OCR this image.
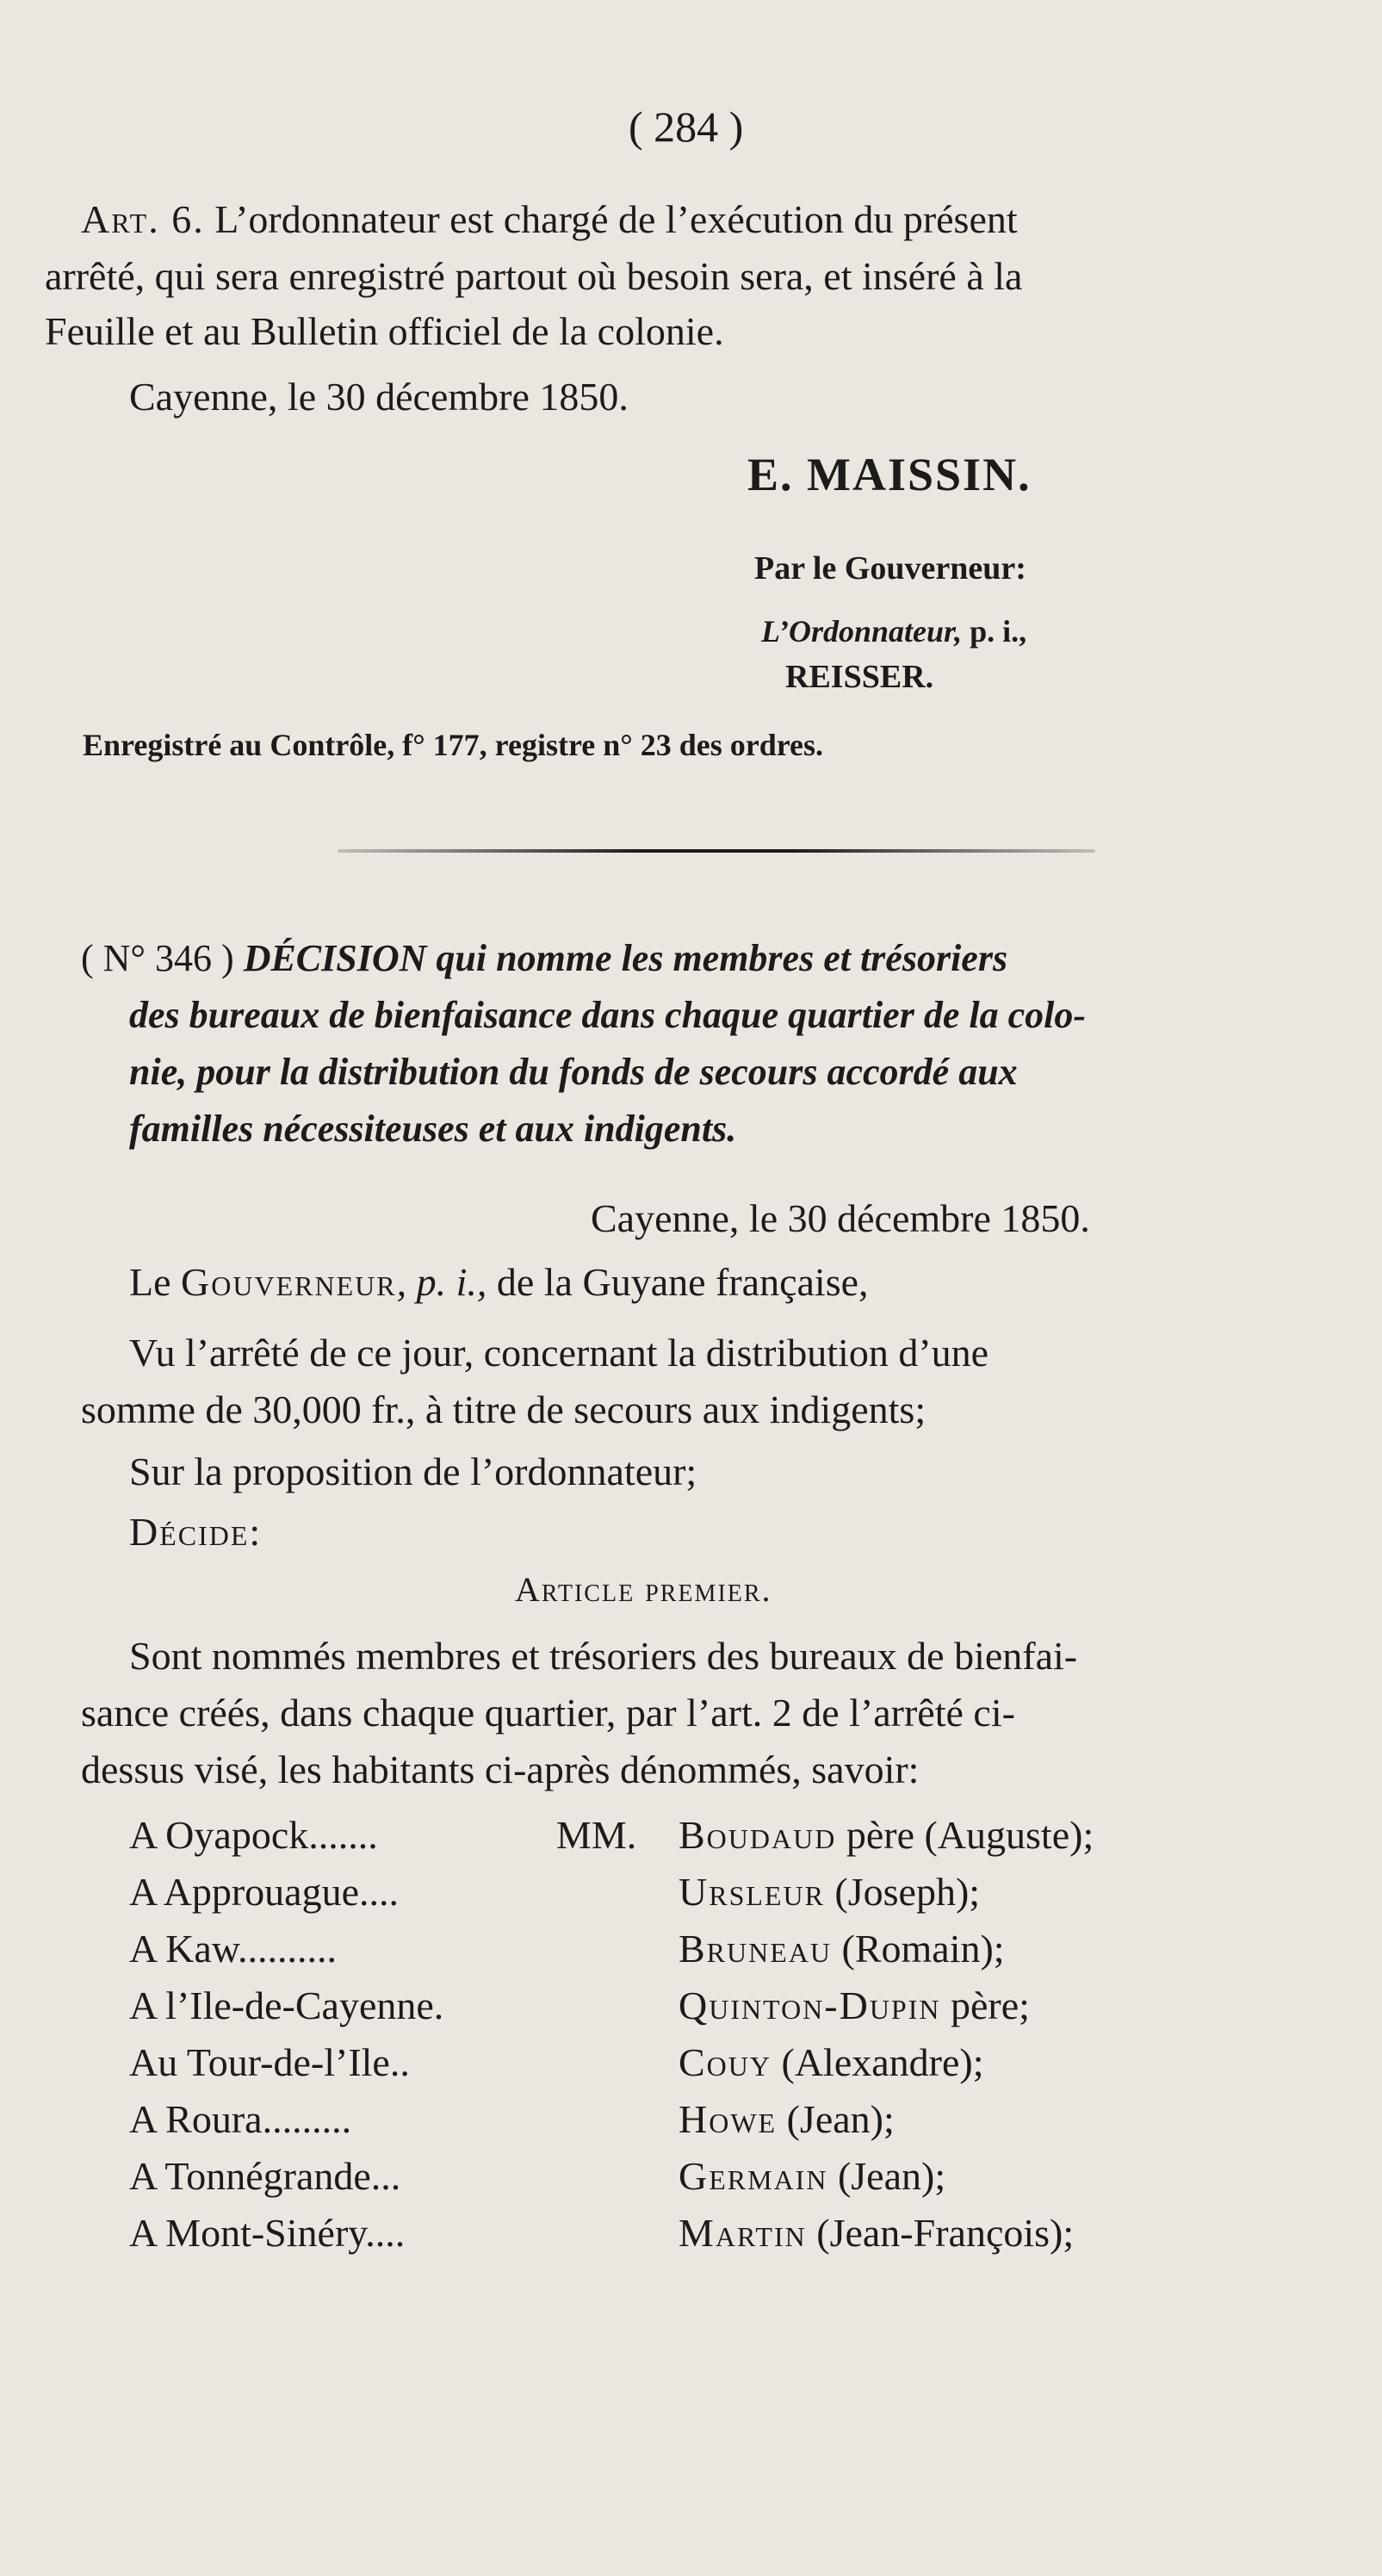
( 284 )
Art. 6. L’ordonnateur est chargé de l’exécution du présent
arrêté, qui sera enregistré partout où besoin sera, et inséré à la
Feuille et au Bulletin officiel de la colonie.
Cayenne, le 30 décembre 1850.
E. MAISSIN.
Par le Gouverneur:
L’Ordonnateur, p. i.,
REISSER.
Enregistré au Contrôle, f° 177, registre n° 23 des ordres.
( N° 346 ) DÉCISION qui nomme les membres et trésoriers
des bureaux de bienfaisance dans chaque quartier de la colo-
nie, pour la distribution du fonds de secours accordé aux
familles nécessiteuses et aux indigents.
Cayenne, le 30 décembre 1850.
Le Gouverneur, p. i., de la Guyane française,
Vu l’arrêté de ce jour, concernant la distribution d’une
somme de 30,000 fr., à titre de secours aux indigents;
Sur la proposition de l’ordonnateur;
Décide:
Article premier.
Sont nommés membres et trésoriers des bureaux de bienfai-
sance créés, dans chaque quartier, par l’art. 2 de l’arrêté ci-
dessus visé, les habitants ci-après dénommés, savoir:
MM.
A Oyapock.......	Boudaud père (Auguste);
A Approuague....	Ursleur (Joseph);
A Kaw..........	Bruneau (Romain);
A l’Ile-de-Cayenne.	Quinton-Dupin père;
Au Tour-de-l’Ile..	Couy (Alexandre);
A Roura.........	Howe (Jean);
A Tonnégrande...	Germain (Jean);
A Mont-Sinéry....	Martin (Jean-François);
